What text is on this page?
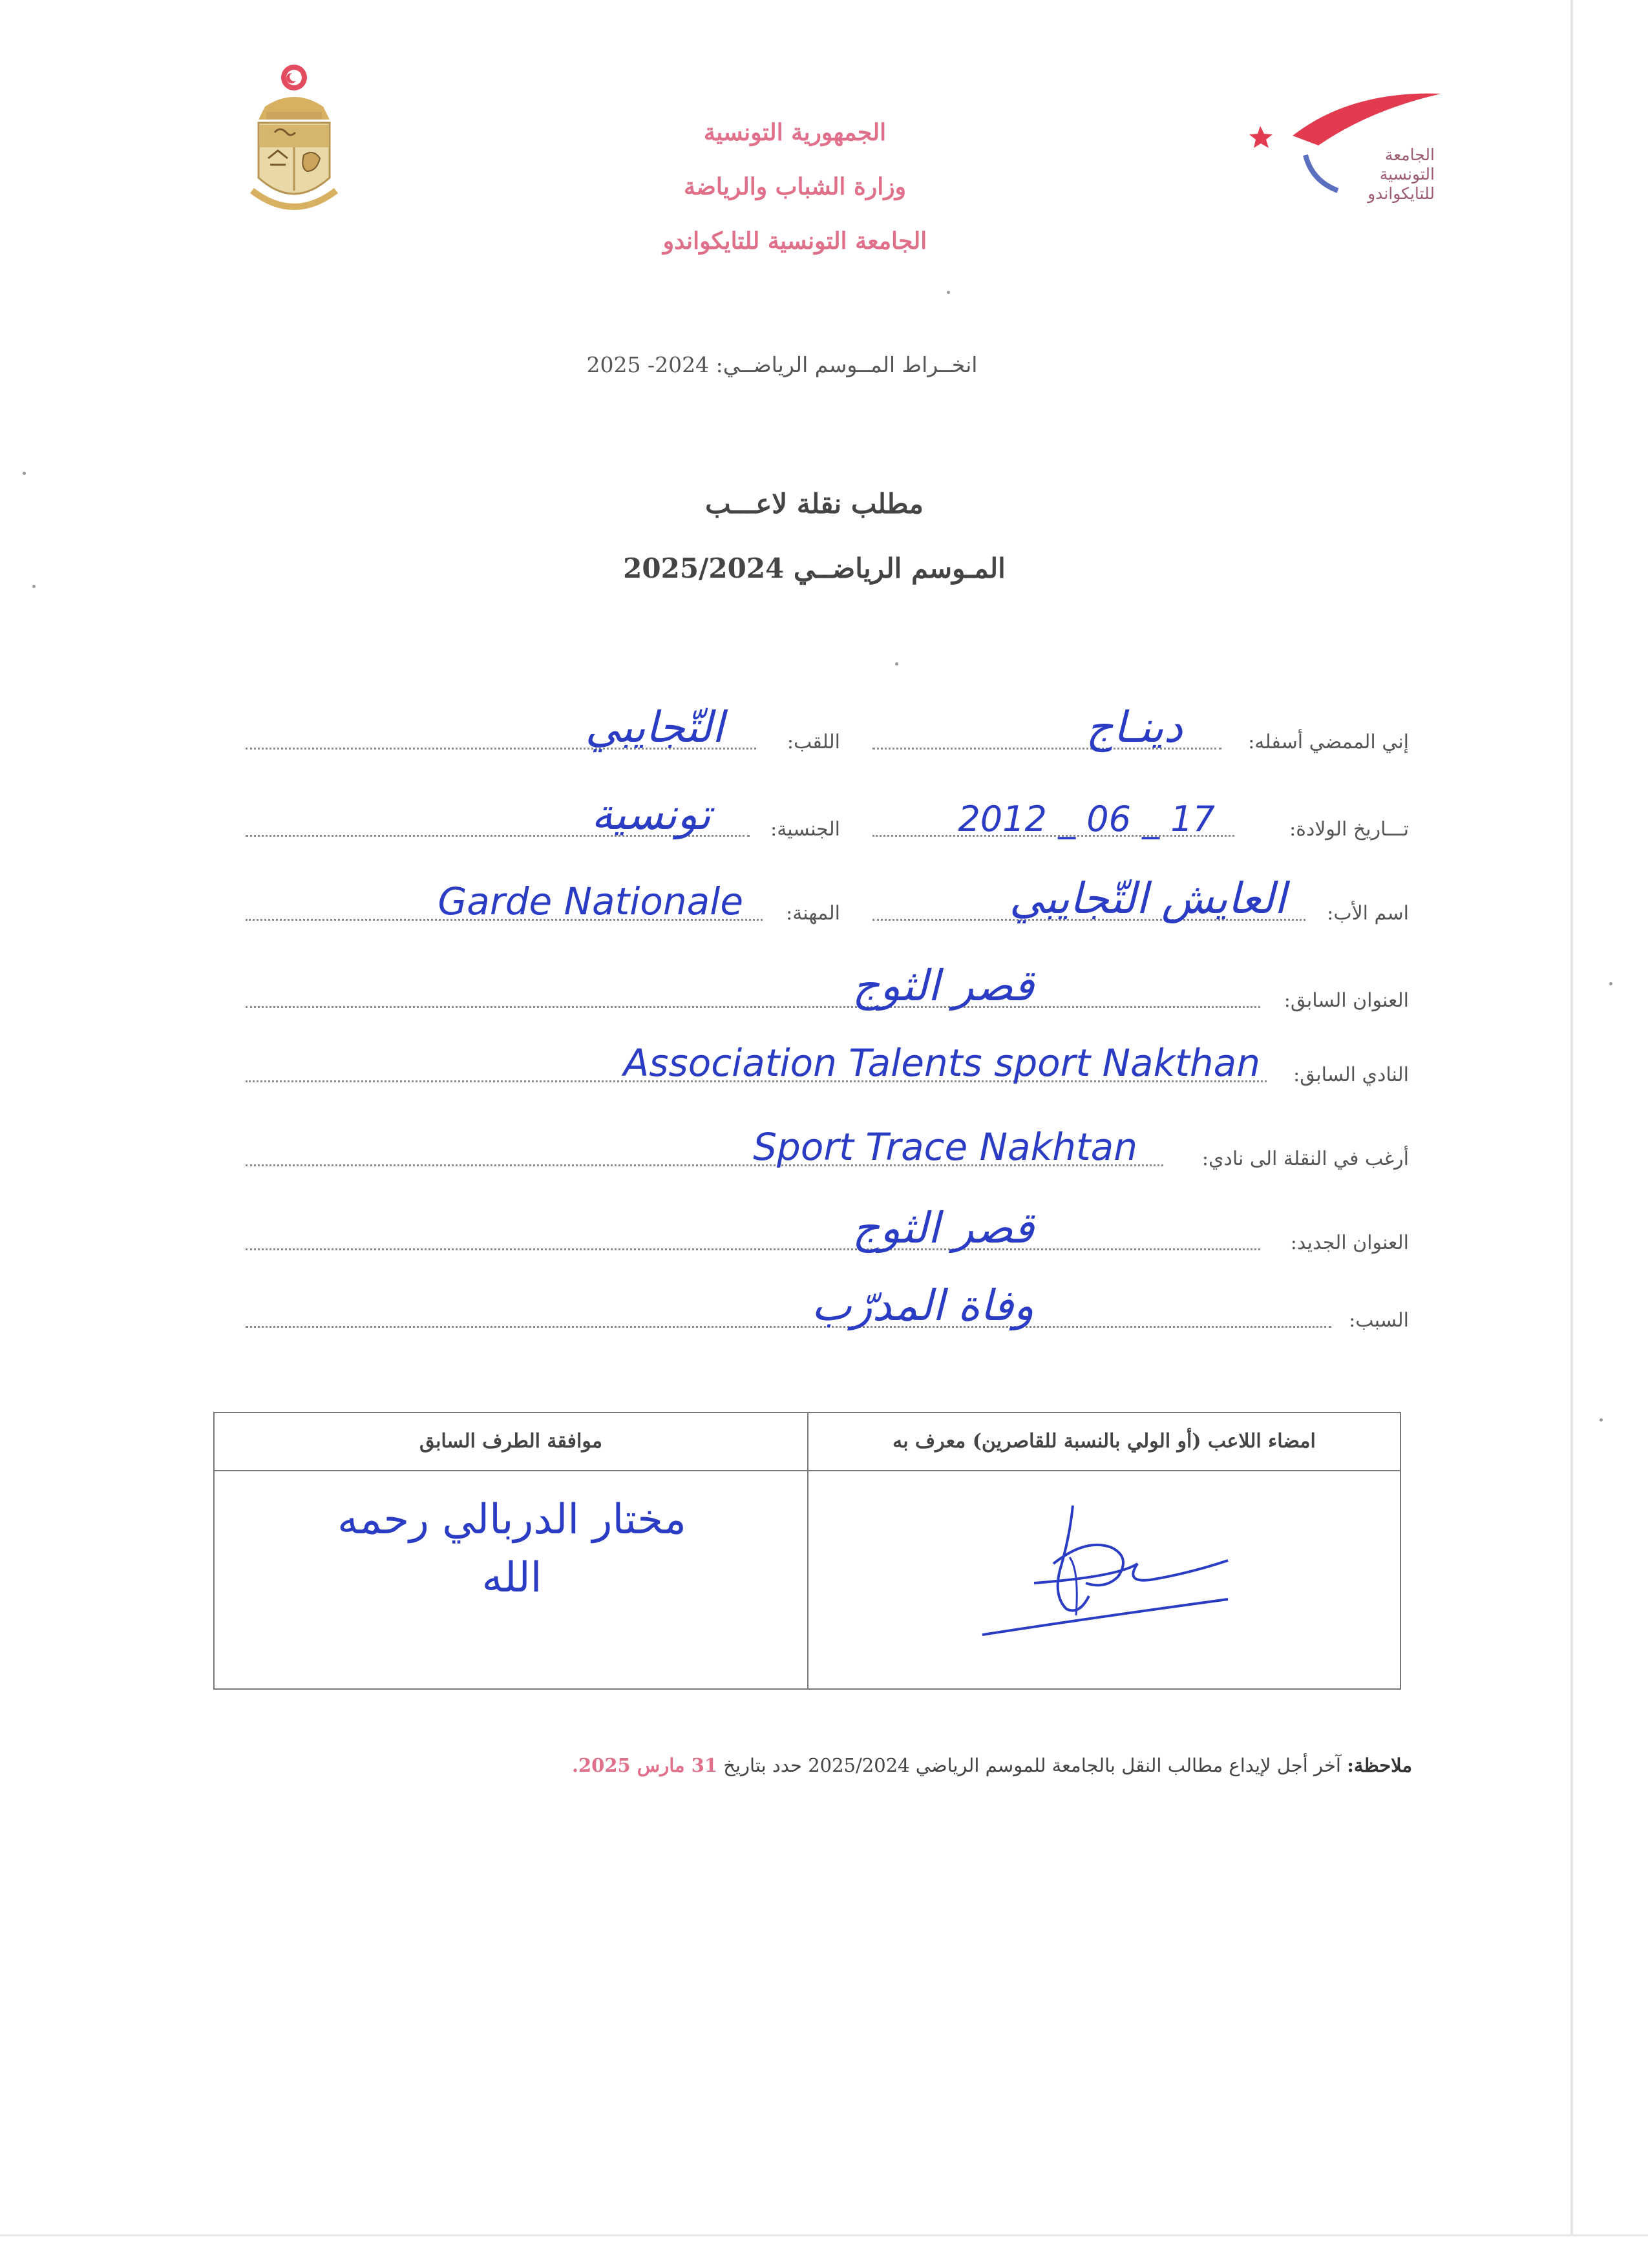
الجمهورية التونسية
وزارة الشباب والرياضة
الجامعة التونسية للتايكواندو
الجامعة
التونسية
للتايكواندو
انخــراط المــوسم الرياضــي: 2024- 2025
مطلب نقلة لاعـــب
المـوسم الرياضــي 2025/2024
إني الممضي أسفله:
دينـاج
اللقب:
التّجايبي
تـــاريخ الولادة:
2012 _ 06 _ 17
الجنسية:
تونسية
اسم الأب:
العايش التّجايبي
المهنة:
Garde Nationale
العنوان السابق:
قصر الثوج
النادي السابق:
Association Talents sport Nakthan
أرغب في النقلة الى نادي:
Sport Trace Nakhtan
العنوان الجديد:
قصر الثوج
السبب:
وفاة المدرّب
موافقة الطرف السابق	امضاء اللاعب (أو الولي بالنسبة للقاصرين) معرف به
مختار الدربالي رحمه
الله
ملاحظة: آخر أجل لإيداع مطالب النقل بالجامعة للموسم الرياضي 2025/2024 حدد بتاريخ 31 مارس 2025.
